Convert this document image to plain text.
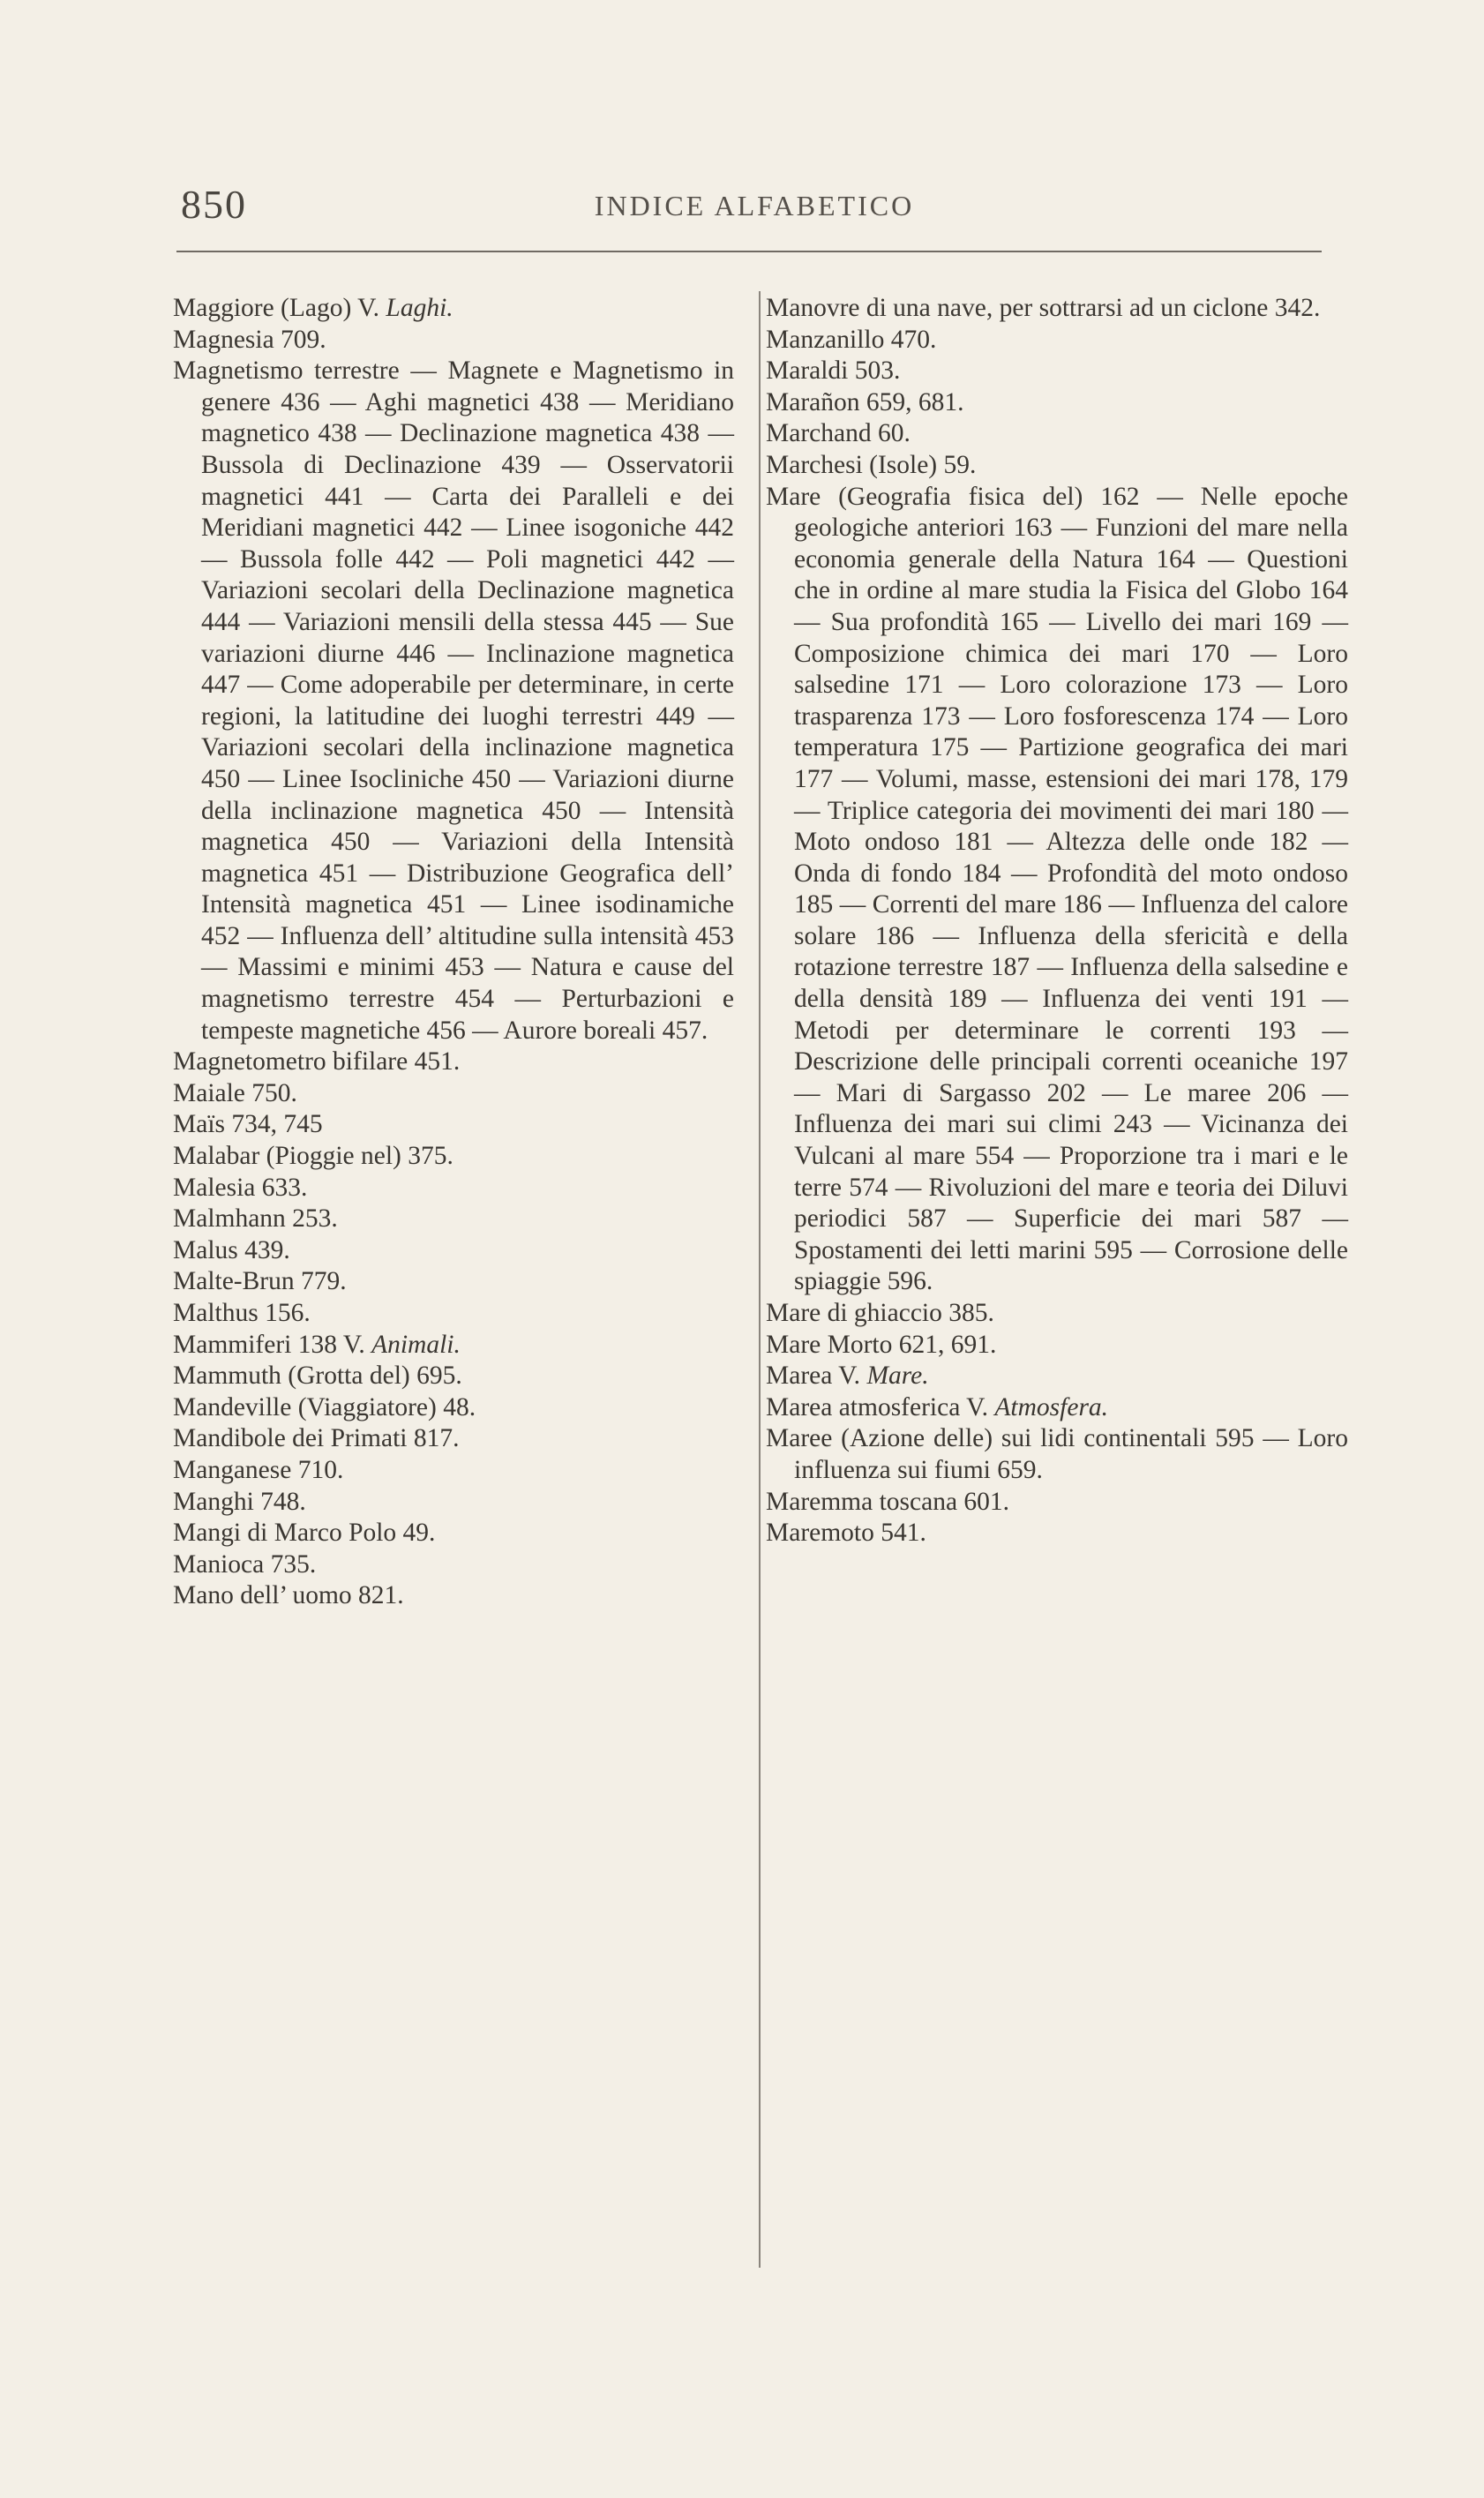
850	INDICE ALFABETICO

Maggiore (Lago) V. Laghi.

Magnesia 709.

Magnetismo terrestre — Magnete e Magnetismo in genere 436 — Aghi magnetici 438 — Meridiano magnetico 438 — Declinazione magnetica 438 — Bussola di Declinazione 439 — Osservatorii magnetici 441 — Carta dei Paralleli e dei Meridiani magnetici 442 — Linee isogoniche 442 — Bussola folle 442 — Poli magnetici 442 — Variazioni secolari della Declinazione magnetica 444 — Variazioni mensili della stessa 445 — Sue variazioni diurne 446 — Inclinazione magnetica 447 — Come adoperabile per determinare, in certe regioni, la latitudine dei luoghi terrestri 449 — Variazioni secolari della inclinazione magnetica 450 — Linee Isocliniche 450 — Variazioni diurne della inclinazione magnetica 450 — Intensità magnetica 450 — Variazioni della Intensità magnetica 451 — Distribuzione Geografica dell’ Intensità magnetica 451 — Linee isodinamiche 452 — Influenza dell’ altitudine sulla intensità 453 — Massimi e minimi 453 — Natura e cause del magnetismo terrestre 454 — Perturbazioni e tempeste magnetiche 456 — Aurore boreali 457.

Magnetometro bifilare 451.

Maiale 750.

Maïs 734, 745

Malabar (Pioggie nel) 375.

Malesia 633.

Malmhann 253.

Malus 439.

Malte-Brun 779.

Malthus 156.

Mammiferi 138 V. Animali.

Mammuth (Grotta del) 695.

Mandeville (Viaggiatore) 48.

Mandibole dei Primati 817.

Manganese 710.

Manghi 748.

Mangi di Marco Polo 49.

Manioca 735.

Mano dell’ uomo 821.

Manovre di una nave, per sottrarsi ad un ciclone 342.

Manzanillo 470.

Maraldi 503.

Marañon 659, 681.

Marchand 60.

Marchesi (Isole) 59.

Mare (Geografia fisica del) 162 — Nelle epoche geologiche anteriori 163 — Funzioni del mare nella economia generale della Natura 164 — Questioni che in ordine al mare studia la Fisica del Globo 164 — Sua profondità 165 — Livello dei mari 169 — Composizione chimica dei mari 170 — Loro salsedine 171 — Loro colorazione 173 — Loro trasparenza 173 — Loro fosforescenza 174 — Loro temperatura 175 — Partizione geografica dei mari 177 — Volumi, masse, estensioni dei mari 178, 179 — Triplice categoria dei movimenti dei mari 180 — Moto ondoso 181 — Altezza delle onde 182 — Onda di fondo 184 — Profondità del moto ondoso 185 — Correnti del mare 186 — Influenza del calore solare 186 — Influenza della sfericità e della rotazione terrestre 187 — Influenza della salsedine e della densità 189 — Influenza dei venti 191 — Metodi per determinare le correnti 193 — Descrizione delle principali correnti oceaniche 197 — Mari di Sargasso 202 — Le maree 206 — Influenza dei mari sui climi 243 — Vicinanza dei Vulcani al mare 554 — Proporzione tra i mari e le terre 574 — Rivoluzioni del mare e teoria dei Diluvi periodici 587 — Superficie dei mari 587 — Spostamenti dei letti marini 595 — Corrosione delle spiaggie 596.

Mare di ghiaccio 385.

Mare Morto 621, 691.

Marea V. Mare.

Marea atmosferica V. Atmosfera.

Maree (Azione delle) sui lidi continentali 595 — Loro influenza sui fiumi 659.

Maremma toscana 601.

Maremoto 541.
